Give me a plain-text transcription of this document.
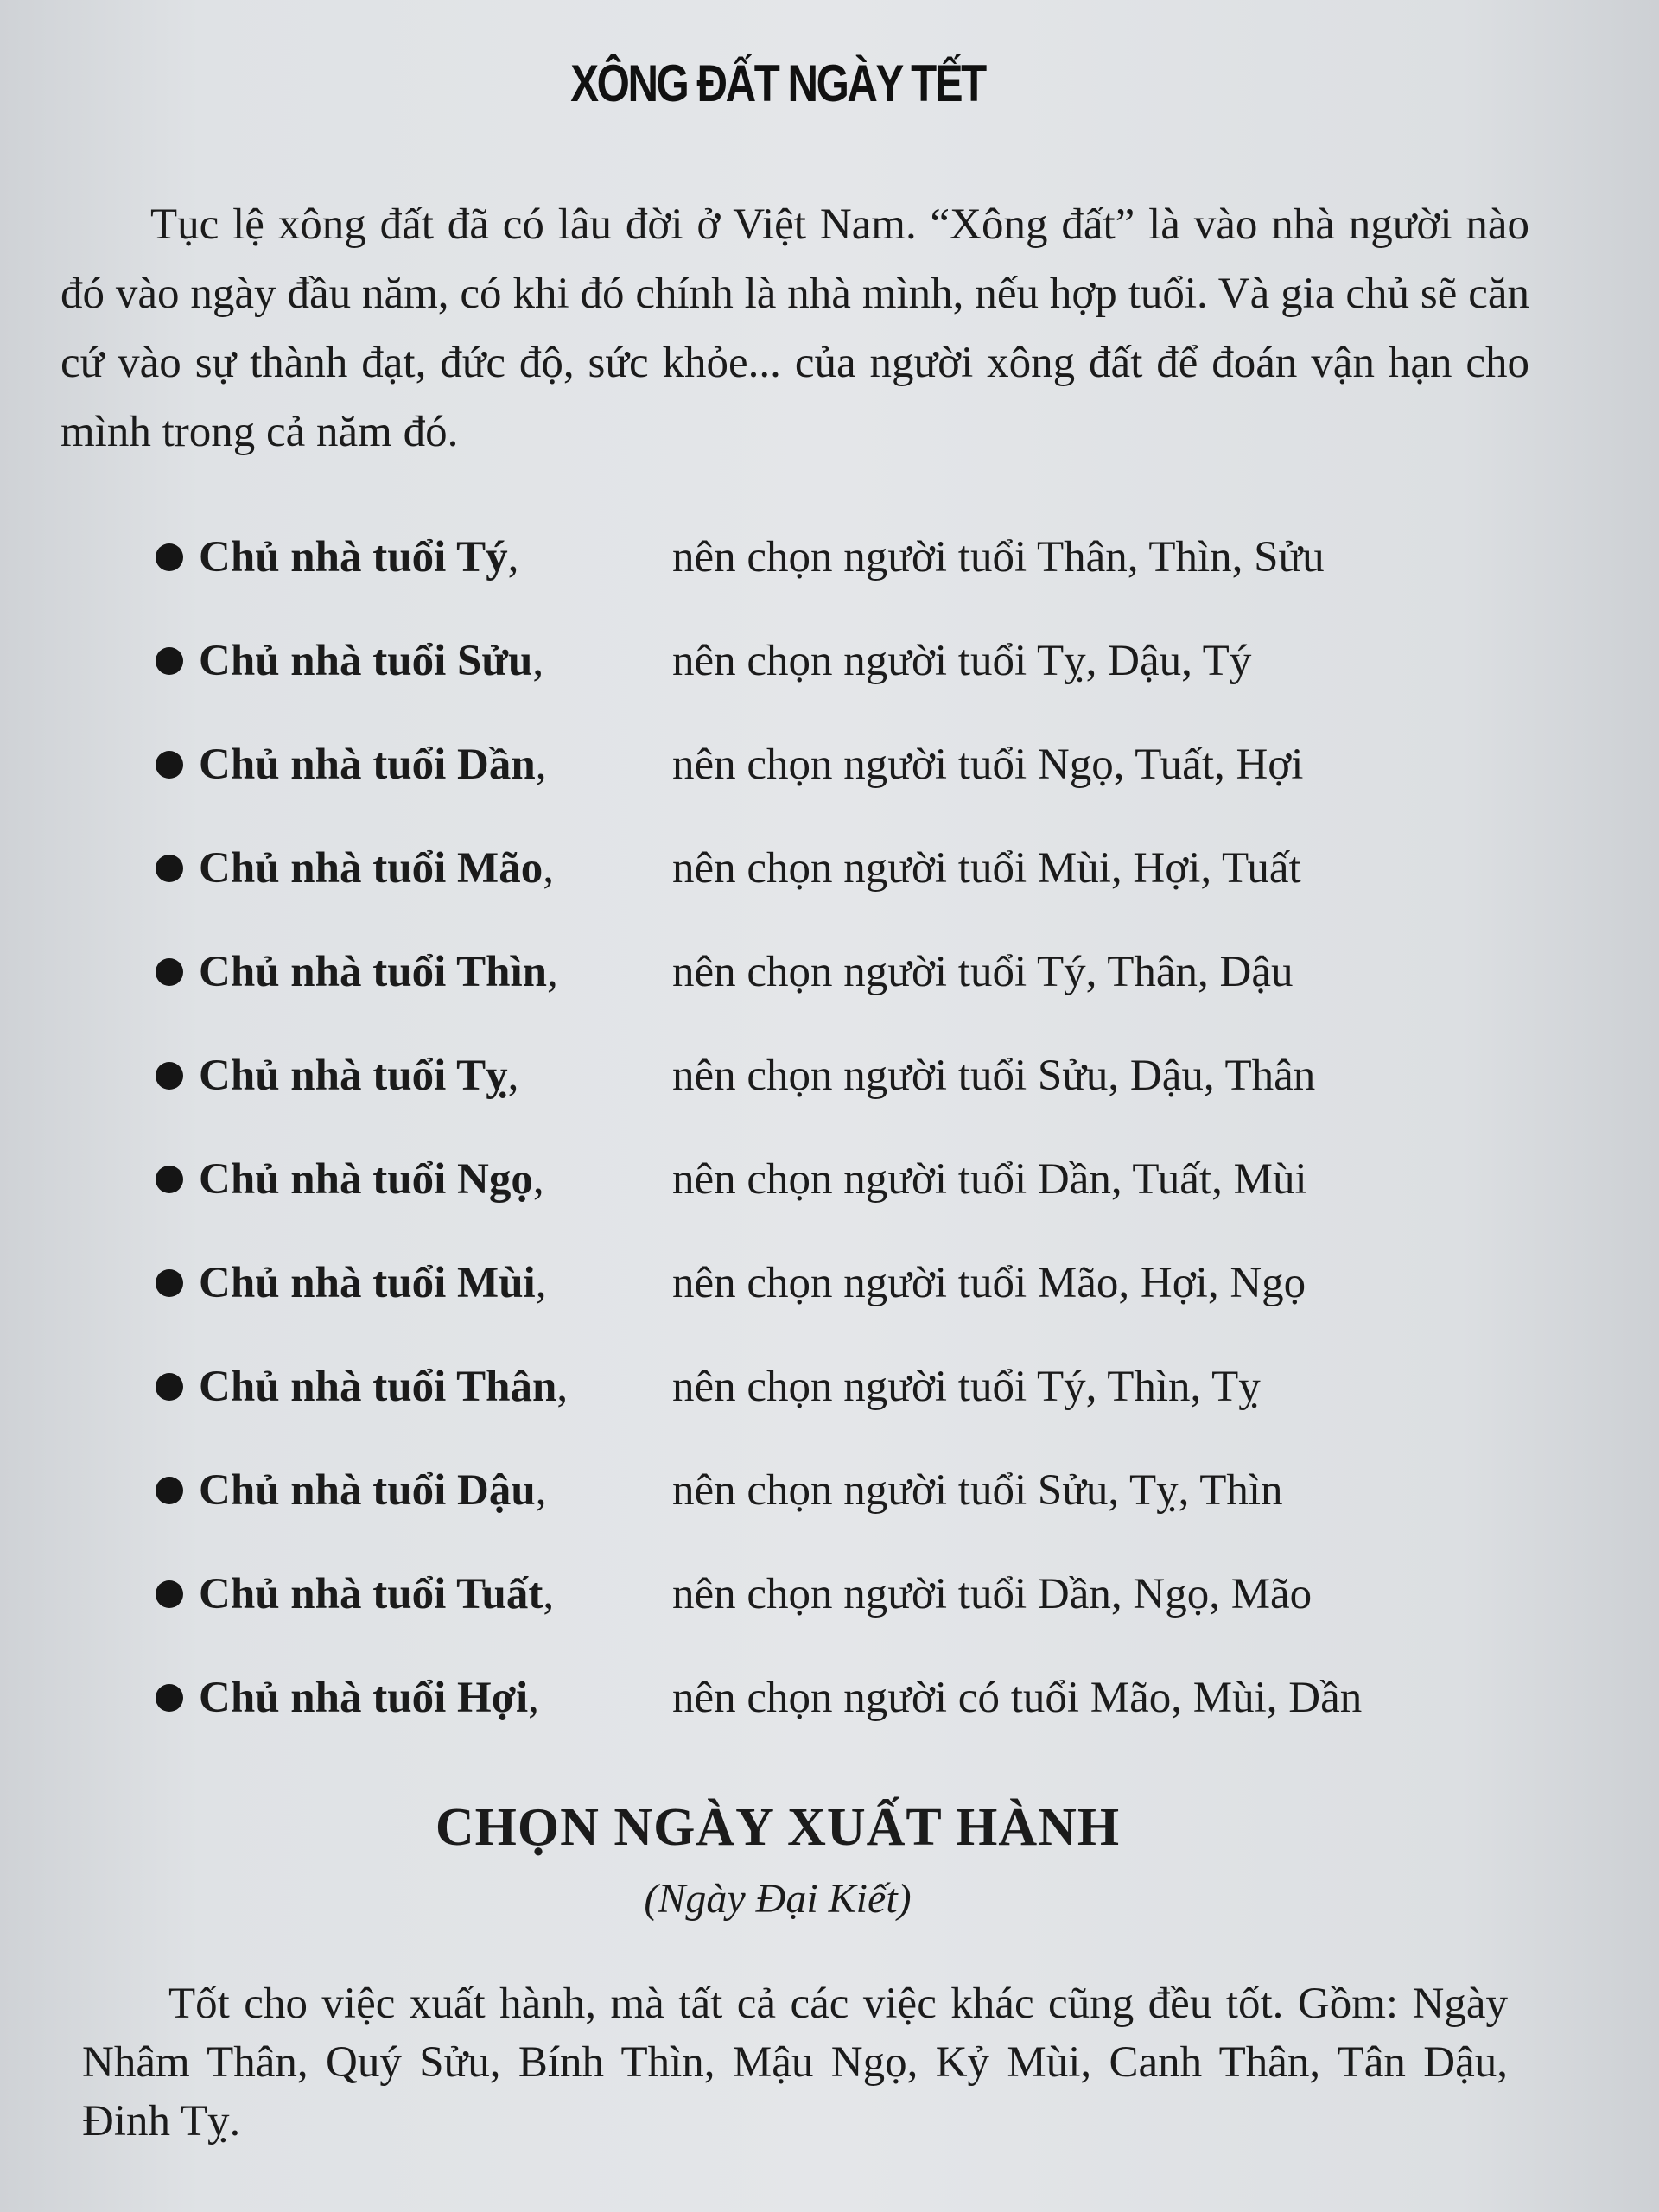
XÔNG ĐẤT NGÀY TẾT

Tục lệ xông đất đã có lâu đời ở Việt Nam. “Xông đất” là vào nhà người nào đó vào ngày đầu năm, có khi đó chính là nhà mình, nếu hợp tuổi. Và gia chủ sẽ căn cứ vào sự thành đạt, đức độ, sức khỏe... của người xông đất để đoán vận hạn cho mình trong cả năm đó.

Chủ nhà tuổi Tý,	nên chọn người tuổi Thân, Thìn, Sửu
Chủ nhà tuổi Sửu,	nên chọn người tuổi Tỵ, Dậu, Tý
Chủ nhà tuổi Dần,	nên chọn người tuổi Ngọ, Tuất, Hợi
Chủ nhà tuổi Mão,	nên chọn người tuổi Mùi, Hợi, Tuất
Chủ nhà tuổi Thìn,	nên chọn người tuổi Tý, Thân, Dậu
Chủ nhà tuổi Tỵ,	nên chọn người tuổi Sửu, Dậu, Thân
Chủ nhà tuổi Ngọ,	nên chọn người tuổi Dần, Tuất, Mùi
Chủ nhà tuổi Mùi,	nên chọn người tuổi Mão, Hợi, Ngọ
Chủ nhà tuổi Thân,	nên chọn người tuổi Tý, Thìn, Tỵ
Chủ nhà tuổi Dậu,	nên chọn người tuổi Sửu, Tỵ, Thìn
Chủ nhà tuổi Tuất,	nên chọn người tuổi Dần, Ngọ, Mão
Chủ nhà tuổi Hợi,	nên chọn người có tuổi Mão, Mùi, Dần
CHỌN NGÀY XUẤT HÀNH

(Ngày Đại Kiết)

Tốt cho việc xuất hành, mà tất cả các việc khác cũng đều tốt. Gồm: Ngày Nhâm Thân, Quý Sửu, Bính Thìn, Mậu Ngọ, Kỷ Mùi, Canh Thân, Tân Dậu, Đinh Tỵ.
